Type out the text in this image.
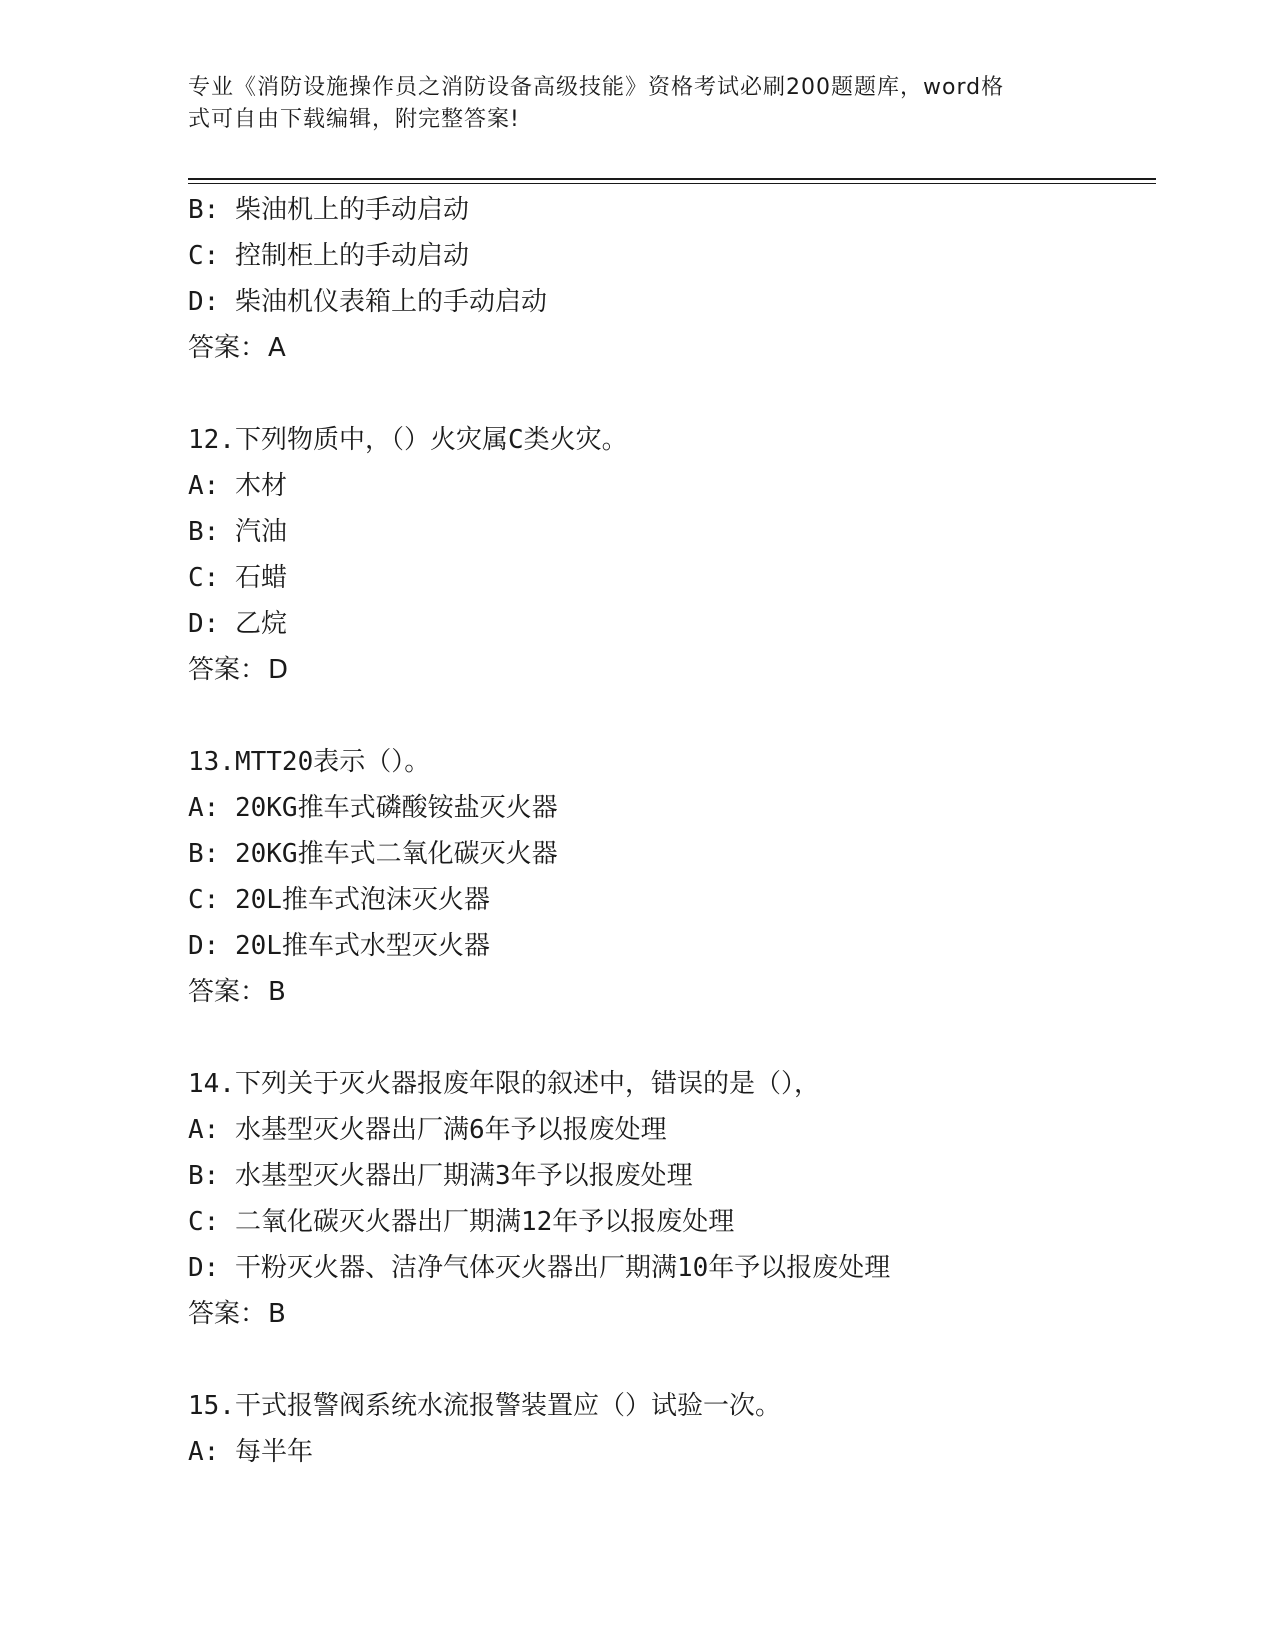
专业《消防设施操作员之消防设备高级技能》资格考试必刷200题题库，word格
式可自由下载编辑，附完整答案!
B: 柴油机上的手动启动
C: 控制柜上的手动启动
D: 柴油机仪表箱上的手动启动
答案：A
12.下列物质中，（）火灾属C类火灾。
A: 木材
B: 汽油
C: 石蜡
D: 乙烷
答案：D
13.MTT20表示（）。
A: 20KG推车式磷酸铵盐灭火器
B: 20KG推车式二氧化碳灭火器
C: 20L推车式泡沫灭火器
D: 20L推车式水型灭火器
答案：B
14.下列关于灭火器报废年限的叙述中，错误的是（），
A: 水基型灭火器出厂满6年予以报废处理
B: 水基型灭火器出厂期满3年予以报废处理
C: 二氧化碳灭火器出厂期满12年予以报废处理
D: 干粉灭火器、洁净气体灭火器出厂期满10年予以报废处理
答案：B
15.干式报警阀系统水流报警装置应（）试验一次。
A: 每半年
